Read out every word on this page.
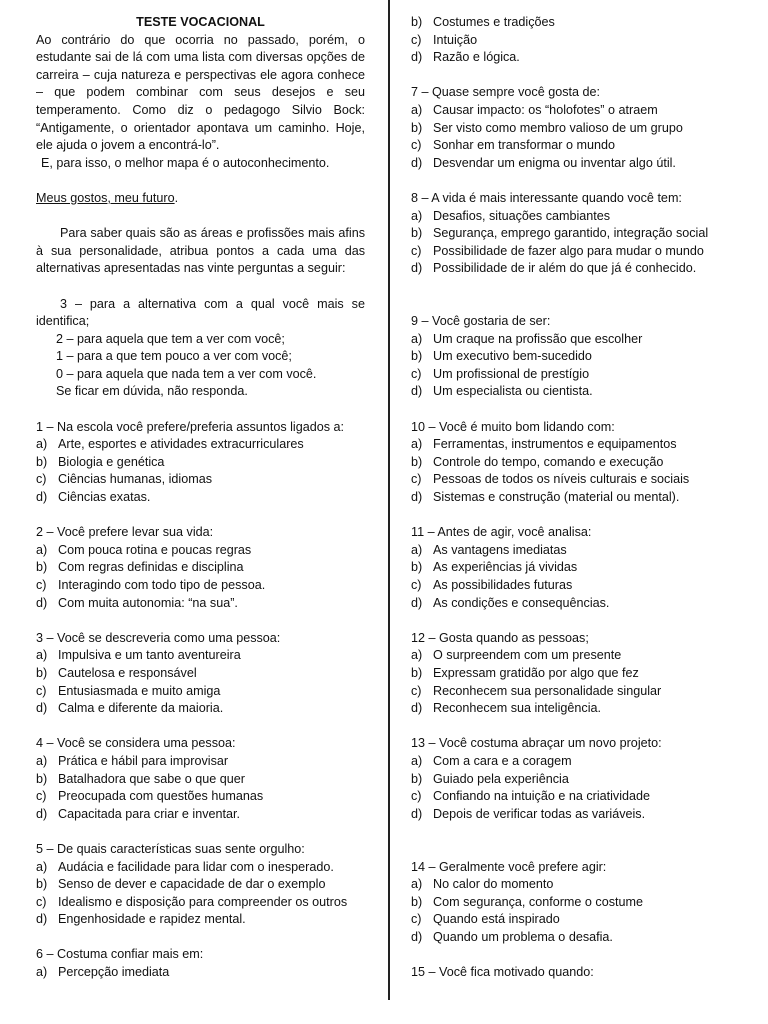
TESTE VOCACIONAL

Ao contrário do que ocorria no passado, porém, o estudante sai de lá com uma lista com diversas opções de carreira – cuja natureza e perspectivas ele agora conhece – que podem combinar com seus desejos e seu temperamento. Como diz o pedagogo Silvio Bock: “Antigamente, o orientador apontava um caminho. Hoje, ele ajuda o jovem a encontrá-lo”.

E, para isso, o melhor mapa é o autoconhecimento.

Meus gostos, meu futuro.

Para saber quais são as áreas e profissões mais afins à sua personalidade, atribua pontos a cada uma das alternativas apresentadas nas vinte perguntas a seguir:

3 – para a alternativa com a qual você mais se identifica;

2 – para aquela que tem a ver com você;

1 – para a que tem pouco a ver com você;

0 – para aquela que nada tem a ver com você.

Se ficar em dúvida, não responda.

1 – Na escola você prefere/preferia assuntos ligados a:

a) Arte, esportes e atividades extracurriculares
b) Biologia e genética
c) Ciências humanas, idiomas
d) Ciências exatas.

2 – Você prefere levar sua vida:

a) Com pouca rotina e poucas regras
b) Com regras definidas e disciplina
c) Interagindo com todo tipo de pessoa.
d) Com muita autonomia: “na sua”.

3 – Você se descreveria como uma pessoa:

a) Impulsiva e um tanto aventureira
b) Cautelosa e responsável
c) Entusiasmada e muito amiga
d) Calma e diferente da maioria.

4 – Você se considera uma pessoa:

a) Prática e hábil para improvisar
b) Batalhadora que sabe o que quer
c) Preocupada com questões humanas
d) Capacitada para criar e inventar.

5 – De quais características suas sente orgulho:

a) Audácia e facilidade para lidar com o inesperado.
b) Senso de dever e capacidade de dar o exemplo
c) Idealismo e disposição para compreender os outros
d) Engenhosidade e rapidez mental.

6 – Costuma confiar mais em:

a) Percepção imediata
b) Costumes e tradições
c) Intuição
d) Razão e lógica.

7 – Quase sempre você gosta de:

a) Causar impacto: os “holofotes” o atraem
b) Ser visto como membro valioso de um grupo
c) Sonhar em transformar o mundo
d) Desvendar um enigma ou inventar algo útil.

8 – A vida é mais interessante quando você tem:

a) Desafios, situações cambiantes
b) Segurança, emprego garantido, integração social
c) Possibilidade de fazer algo para mudar o mundo
d) Possibilidade de ir além do que já é conhecido.

9 – Você gostaria de ser:

a) Um craque na profissão que escolher
b) Um executivo bem-sucedido
c) Um profissional de prestígio
d) Um especialista ou cientista.

10 – Você é muito bom lidando com:

a) Ferramentas, instrumentos e equipamentos
b) Controle do tempo, comando e execução
c) Pessoas de todos os níveis culturais e sociais
d) Sistemas e construção (material ou mental).

11 – Antes de agir, você analisa:

a) As vantagens imediatas
b) As experiências já vividas
c) As possibilidades futuras
d) As condições e consequências.

12 – Gosta quando as pessoas;

a) O surpreendem com um presente
b) Expressam gratidão por algo que fez
c) Reconhecem sua personalidade singular
d) Reconhecem sua inteligência.

13 – Você costuma abraçar um novo projeto:

a) Com a cara e a coragem
b) Guiado pela experiência
c) Confiando na intuição e na criatividade
d) Depois de verificar todas as variáveis.

14 – Geralmente você prefere agir:

a) No calor do momento
b) Com segurança, conforme o costume
c) Quando está inspirado
d) Quando um problema o desafia.

15 – Você fica motivado quando:
